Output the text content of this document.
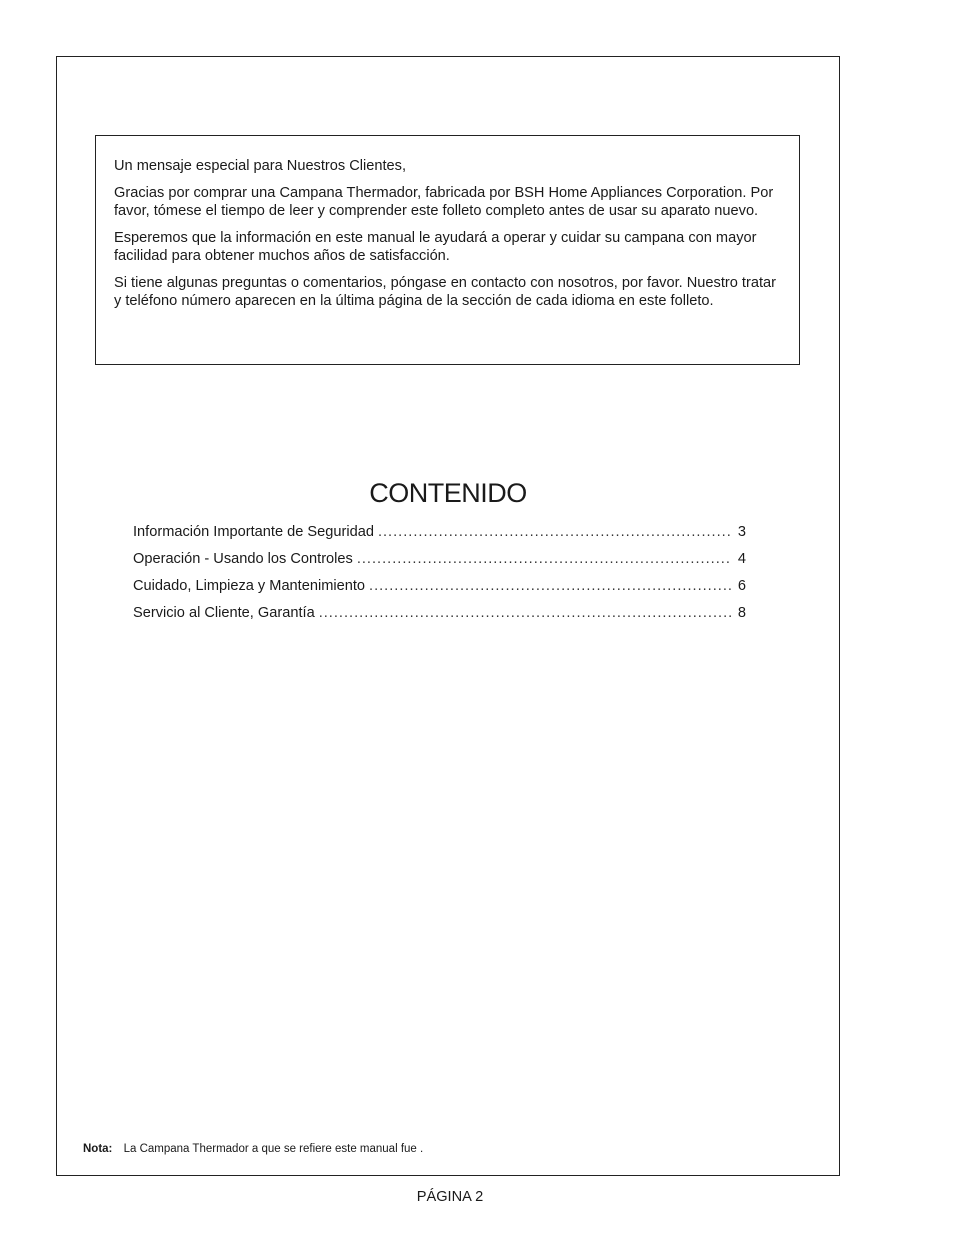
Un mensaje especial para Nuestros Clientes,

Gracias por comprar una Campana Thermador, fabricada por BSH Home Appliances Corporation. Por favor, tómese el tiempo de leer y comprender este folleto completo antes de usar su aparato nuevo.

Esperemos que la información en este manual le ayudará a operar y cuidar su campana con mayor facilidad para obtener muchos años de satisfacción.

Si tiene algunas preguntas o comentarios, póngase en contacto con nosotros, por favor. Nuestro tratar y teléfono número aparecen en la última página de la sección de cada idioma en este folleto.

CONTENIDO
Información Importante de Seguridad .....	3
Operación - Usando los Controles .....	4
Cuidado, Limpieza y Mantenimiento .....	6
Servicio al Cliente, Garantía .....	8
Nota: La Campana Thermador a que se refiere este manual fue .
PÁGINA 2
